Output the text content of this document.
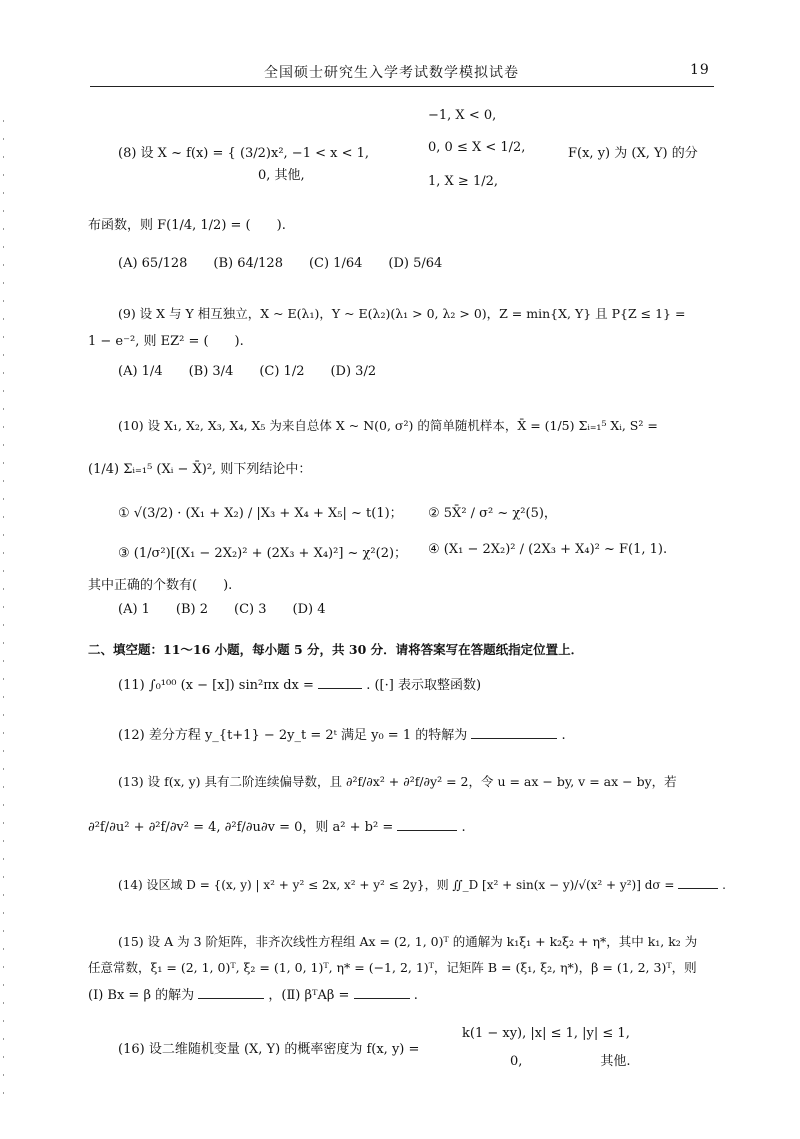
全国硕士研究生入学考试数学模拟试卷	19
(8) 设 X ~ f(x) = { (3/2)x², −1 < x < 1,
0, 其他,
−1, X < 0,
0, 0 ≤ X < 1/2,
1, X ≥ 1/2,
F(x, y) 为 (X, Y) 的分
布函数，则 F(1/4, 1/2) = (　　).
(A) 65/128　　(B) 64/128　　(C) 1/64　　(D) 5/64
(9) 设 X 与 Y 相互独立，X ~ E(λ₁)，Y ~ E(λ₂)(λ₁ > 0, λ₂ > 0)，Z = min{X, Y} 且 P{Z ≤ 1} =
1 − e⁻², 则 EZ² = (　　).
(A) 1/4　　(B) 3/4　　(C) 1/2　　(D) 3/2
(10) 设 X₁, X₂, X₃, X₄, X₅ 为来自总体 X ~ N(0, σ²) 的简单随机样本，X̄ = (1/5) Σᵢ₌₁⁵ Xᵢ, S² =
(1/4) Σᵢ₌₁⁵ (Xᵢ − X̄)², 则下列结论中：
① √(3/2) · (X₁ + X₂) / |X₃ + X₄ + X₅| ~ t(1)； ② 5X̄² / σ² ~ χ²(5)，
③ (1/σ²)[(X₁ − 2X₂)² + (2X₃ + X₄)²] ~ χ²(2)； ④ (X₁ − 2X₂)² / (2X₃ + X₄)² ~ F(1, 1).
其中正确的个数有(　　).
(A) 1　　(B) 2　　(C) 3　　(D) 4
二、填空题：11～16 小题，每小题 5 分，共 30 分．请将答案写在答题纸指定位置上．
(11) ∫₀¹⁰⁰ (x − [x]) sin²πx dx =	. ([·] 表示取整函数)
(12) 差分方程 y_{t+1} − 2y_t = 2ᵗ 满足 y₀ = 1 的特解为	.
(13) 设 f(x, y) 具有二阶连续偏导数，且 ∂²f/∂x² + ∂²f/∂y² = 2，令 u = ax − by, v = ax − by，若
∂²f/∂u² + ∂²f/∂v² = 4, ∂²f/∂u∂v = 0，则 a² + b² =	.
(14) 设区域 D = {(x, y) | x² + y² ≤ 2x, x² + y² ≤ 2y}，则 ∬_D [x² + sin(x − y)/√(x² + y²)] dσ =	.
(15) 设 A 为 3 阶矩阵，非齐次线性方程组 Ax = (2, 1, 0)ᵀ 的通解为 k₁ξ₁ + k₂ξ₂ + η*，其中 k₁, k₂ 为
任意常数，ξ₁ = (2, 1, 0)ᵀ, ξ₂ = (1, 0, 1)ᵀ, η* = (−1, 2, 1)ᵀ，记矩阵 B = (ξ₁, ξ₂, η*)，β = (1, 2, 3)ᵀ，则
(Ⅰ) Bx = β 的解为	，(Ⅱ) βᵀAβ =	.
(16) 设二维随机变量 (X, Y) 的概率密度为 f(x, y) =
k(1 − xy), |x| ≤ 1, |y| ≤ 1,
0,　　　　　　其他.
